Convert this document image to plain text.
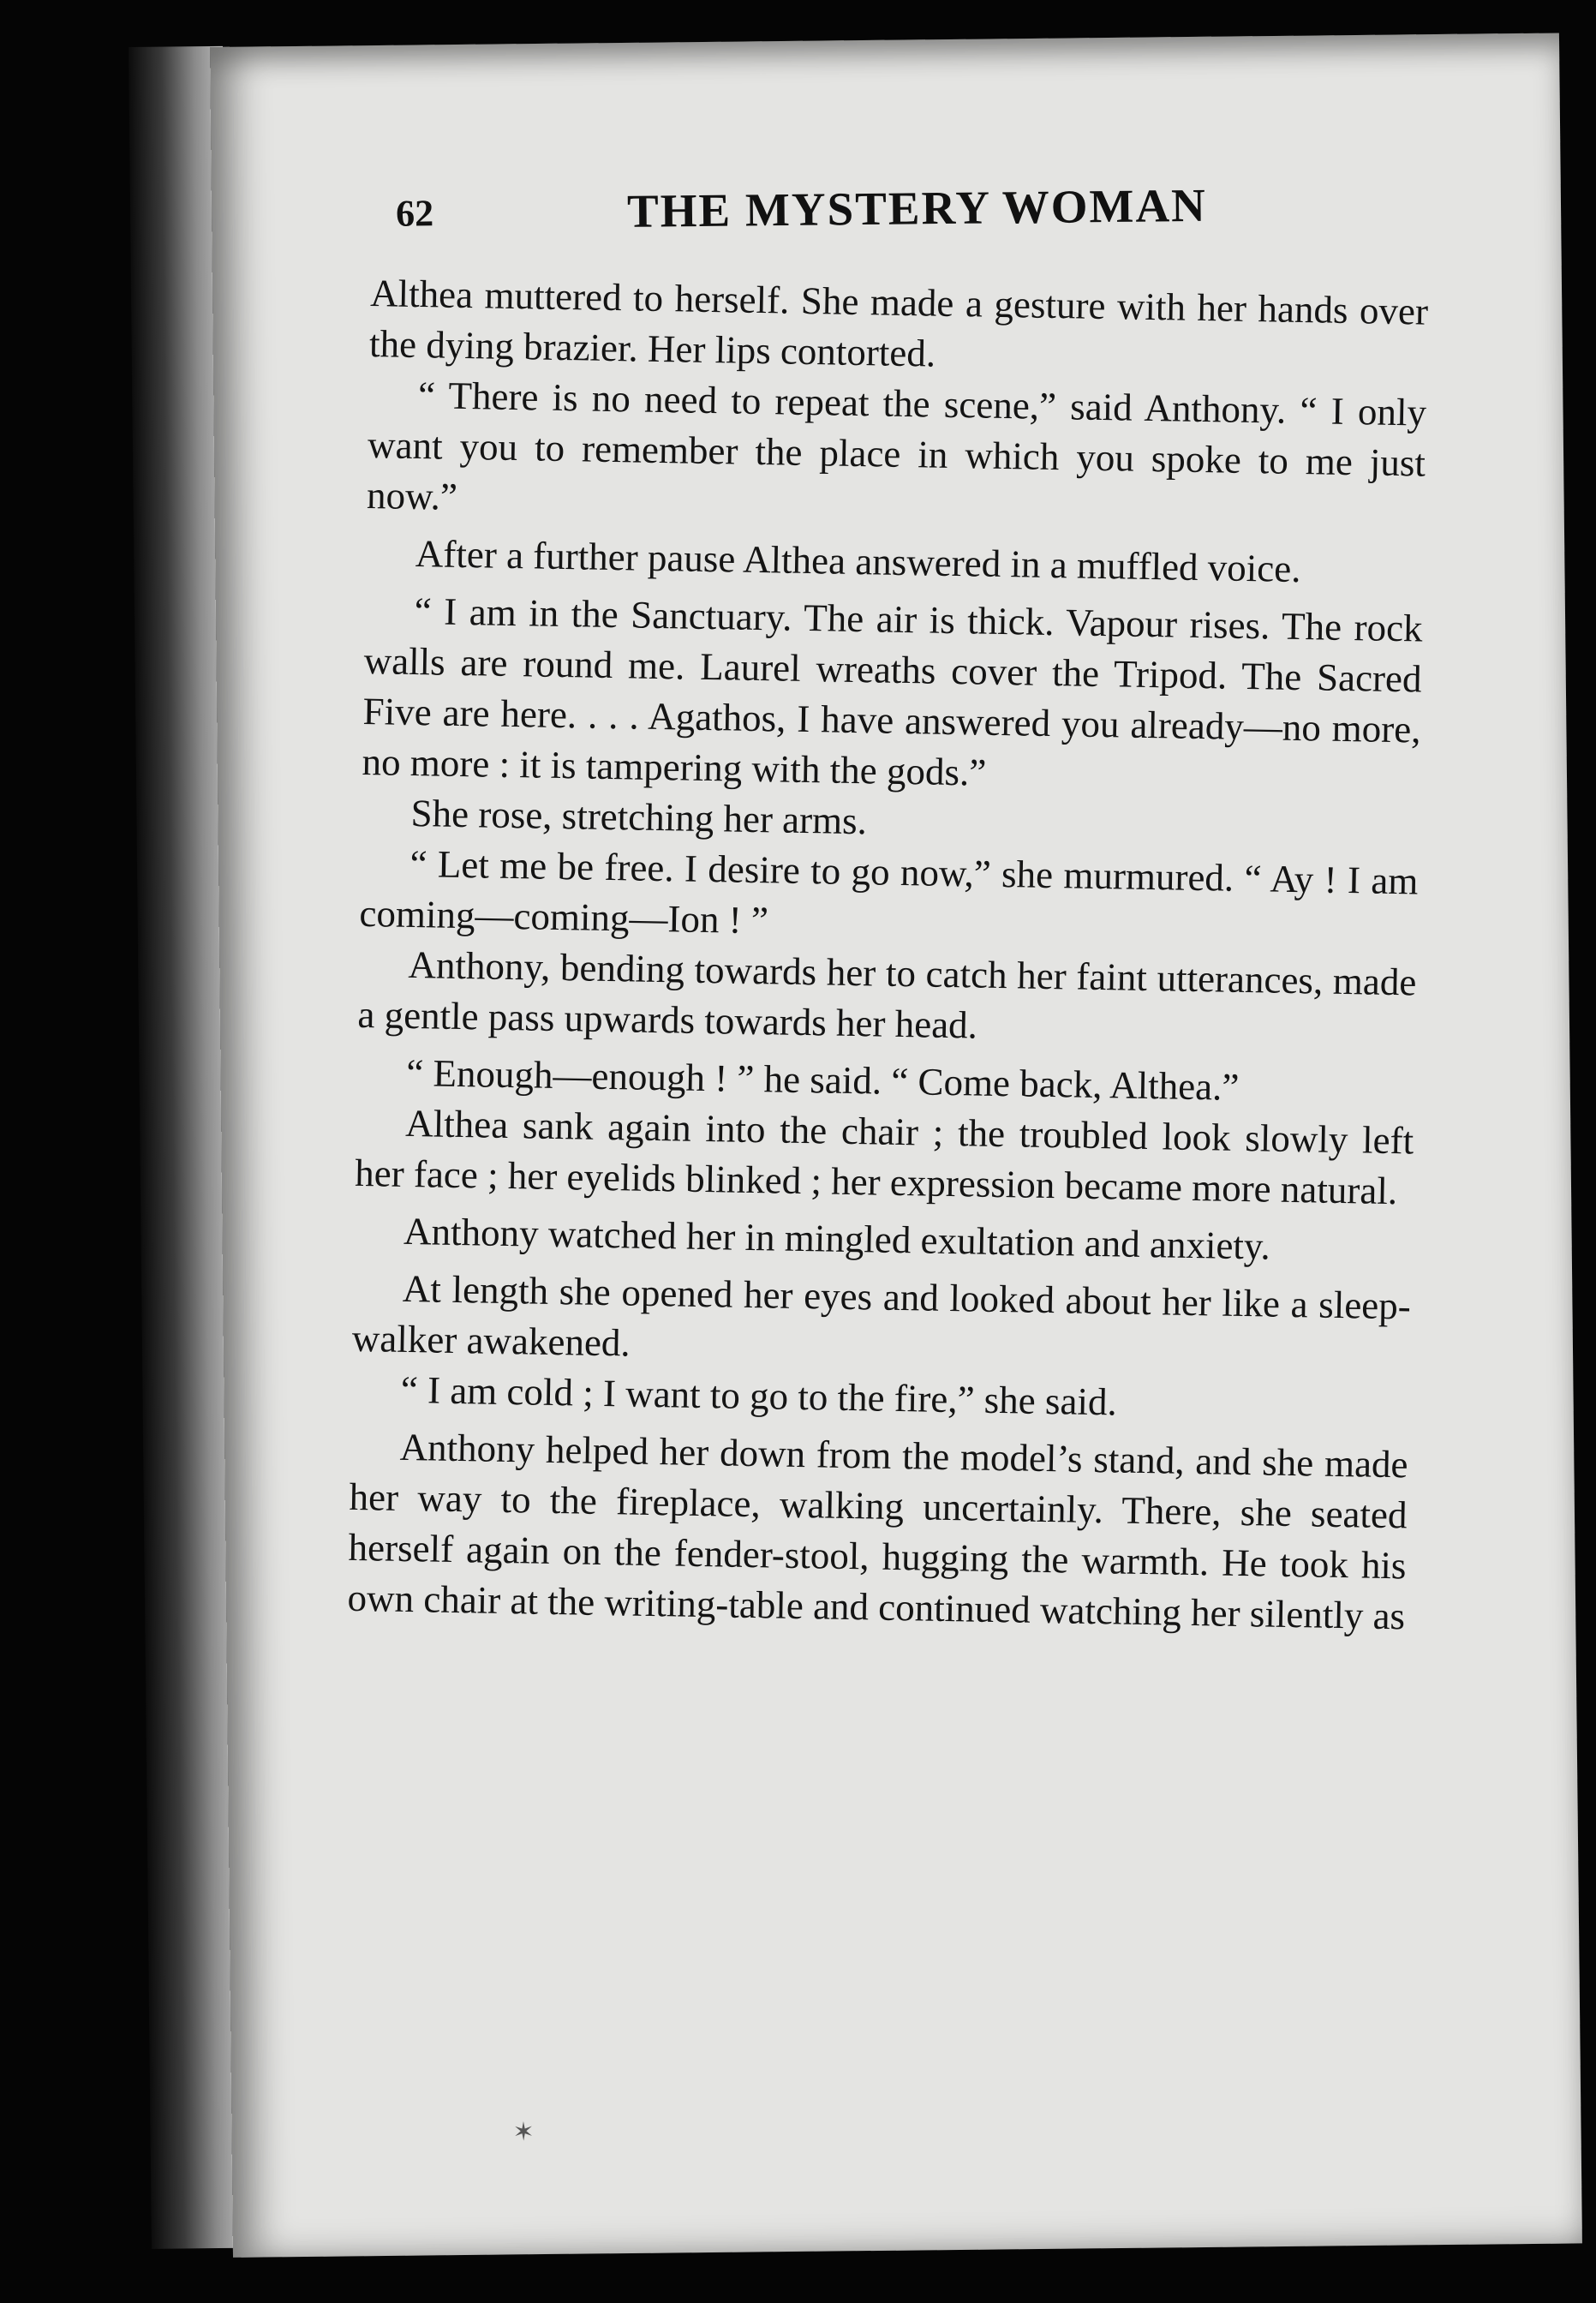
62	THE MYSTERY WOMAN

Althea muttered to herself. She made a gesture with her hands over the dying brazier. Her lips contorted.

“ There is no need to repeat the scene,” said Anthony. “ I only want you to remember the place in which you spoke to me just now.”

After a further pause Althea answered in a muffled voice.

“ I am in the Sanctuary. The air is thick. Vapour rises. The rock walls are round me. Laurel wreaths cover the Tripod. The Sacred Five are here. . . . Agathos, I have answered you already—no more, no more : it is tampering with the gods.”

She rose, stretching her arms.

“ Let me be free. I desire to go now,” she murmured. “ Ay ! I am coming—coming—Ion ! ”

Anthony, bending towards her to catch her faint utterances, made a gentle pass upwards towards her head.

“ Enough—enough ! ” he said. “ Come back, Althea.”

Althea sank again into the chair ; the troubled look slowly left her face ; her eyelids blinked ; her expression became more natural.

Anthony watched her in mingled exultation and anxiety.

At length she opened her eyes and looked about her like a sleep-walker awakened.

“ I am cold ; I want to go to the fire,” she said.

Anthony helped her down from the model’s stand, and she made her way to the fireplace, walking uncertainly. There, she seated herself again on the fender-stool, hugging the warmth. He took his own chair at the writing-table and continued watching her silently as

✶
